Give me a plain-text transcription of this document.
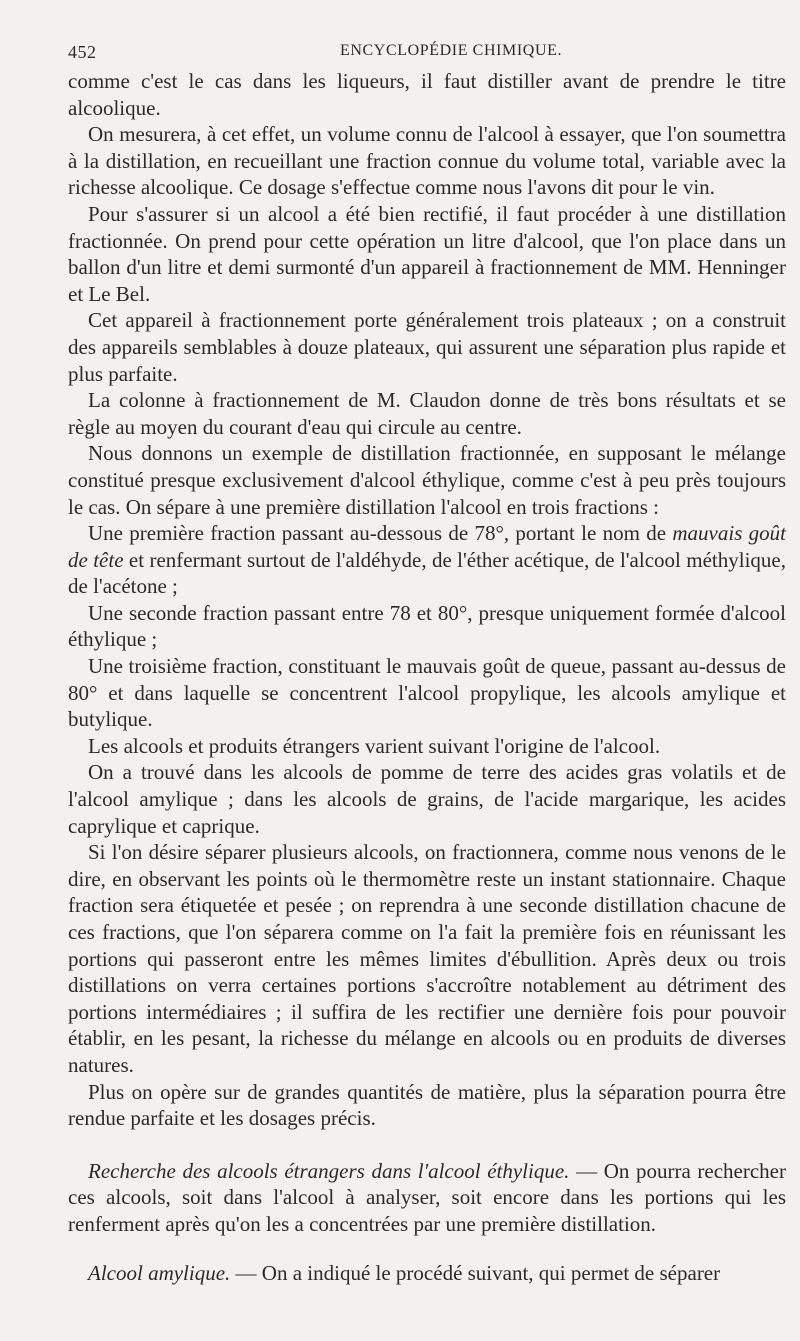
452	ENCYCLOPÉDIE CHIMIQUE.

comme c'est le cas dans les liqueurs, il faut distiller avant de prendre le titre alcoolique.

On mesurera, à cet effet, un volume connu de l'alcool à essayer, que l'on soumettra à la distillation, en recueillant une fraction connue du volume total, variable avec la richesse alcoolique. Ce dosage s'effectue comme nous l'avons dit pour le vin.

Pour s'assurer si un alcool a été bien rectifié, il faut procéder à une distillation fractionnée. On prend pour cette opération un litre d'alcool, que l'on place dans un ballon d'un litre et demi surmonté d'un appareil à fractionnement de MM. Henninger et Le Bel.

Cet appareil à fractionnement porte généralement trois plateaux ; on a construit des appareils semblables à douze plateaux, qui assurent une séparation plus rapide et plus parfaite.

La colonne à fractionnement de M. Claudon donne de très bons résultats et se règle au moyen du courant d'eau qui circule au centre.

Nous donnons un exemple de distillation fractionnée, en supposant le mélange constitué presque exclusivement d'alcool éthylique, comme c'est à peu près toujours le cas. On sépare à une première distillation l'alcool en trois fractions :

Une première fraction passant au-dessous de 78°, portant le nom de mauvais goût de tête et renfermant surtout de l'aldéhyde, de l'éther acétique, de l'alcool méthylique, de l'acétone ;

Une seconde fraction passant entre 78 et 80°, presque uniquement formée d'alcool éthylique ;

Une troisième fraction, constituant le mauvais goût de queue, passant au-dessus de 80° et dans laquelle se concentrent l'alcool propylique, les alcools amylique et butylique.

Les alcools et produits étrangers varient suivant l'origine de l'alcool.

On a trouvé dans les alcools de pomme de terre des acides gras volatils et de l'alcool amylique ; dans les alcools de grains, de l'acide margarique, les acides caprylique et caprique.

Si l'on désire séparer plusieurs alcools, on fractionnera, comme nous venons de le dire, en observant les points où le thermomètre reste un instant stationnaire. Chaque fraction sera étiquetée et pesée ; on reprendra à une seconde distillation chacune de ces fractions, que l'on séparera comme on l'a fait la première fois en réunissant les portions qui passeront entre les mêmes limites d'ébullition. Après deux ou trois distillations on verra certaines portions s'accroître notablement au détriment des portions intermédiaires ; il suffira de les rectifier une dernière fois pour pouvoir établir, en les pesant, la richesse du mélange en alcools ou en produits de diverses natures.

Plus on opère sur de grandes quantités de matière, plus la séparation pourra être rendue parfaite et les dosages précis.

Recherche des alcools étrangers dans l'alcool éthylique. — On pourra rechercher ces alcools, soit dans l'alcool à analyser, soit encore dans les portions qui les renferment après qu'on les a concentrées par une première distillation.

Alcool amylique. — On a indiqué le procédé suivant, qui permet de séparer
